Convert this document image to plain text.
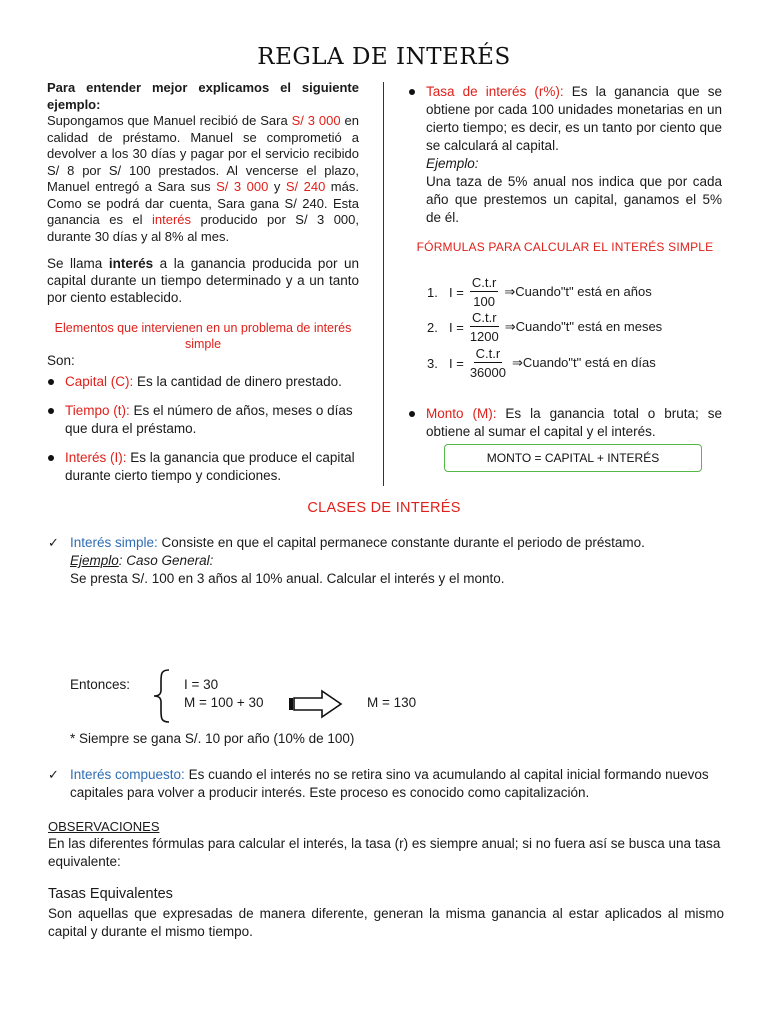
REGLA DE INTERÉS

Para entender mejor explicamos el siguiente ejemplo:
Supongamos que Manuel recibió de Sara S/ 3 000 en calidad de préstamo. Manuel se comprometió a devolver a los 30 días y pagar por el servicio recibido S/ 8 por S/ 100 prestados. Al vencerse el plazo, Manuel entregó a Sara sus S/ 3 000 y S/ 240 más. Como se podrá dar cuenta, Sara gana S/ 240. Esta ganancia es el interés producido por S/ 3 000, durante 30 días y al 8% al mes.

Se llama interés a la ganancia producida por un capital durante un tiempo determinado y a un tanto por ciento establecido.

Elementos que intervienen en un problema de interés simple
Son:
Capital (C): Es la cantidad de dinero prestado.
Tiempo (t): Es el número de años, meses o días que dura el préstamo.
Interés (I): Es la ganancia que produce el capital durante cierto tiempo y condiciones.

Tasa de interés (r%): Es la ganancia que se obtiene por cada 100 unidades monetarias en un cierto tiempo; es decir, es un tanto por ciento que se calculará al capital.

Ejemplo:

Una taza de 5% anual nos indica que por cada año que prestemos un capital, ganamos el 5% de él.

FÓRMULAS PARA CALCULAR EL INTERÉS SIMPLE
1. $I = \frac{C.t.r}{100}$ ⇒Cuando"t" está en años
2. $I = \frac{C.t.r}{1200}$ ⇒Cuando"t" está en meses
3. $I = \frac{C.t.r}{36000}$ ⇒Cuando"t" está en días

Monto (M): Es la ganancia total o bruta; se obtiene al sumar el capital y el interés.

MONTO = CAPITAL + INTERÉS
CLASES DE INTERÉS
✓ Interés simple: Consiste en que el capital permanece constante durante el periodo de préstamo.
Ejemplo: Caso General:
Se presta S/. 100 en 3 años al 10% anual. Calcular el interés y el monto.
Entonces:	I = 30
M = 100 + 30	M = 130
* Siempre se gana S/. 10 por año (10% de 100)
✓ Interés compuesto: Es cuando el interés no se retira sino va acumulando al capital inicial formando nuevos capitales para volver a producir interés. Este proceso es conocido como capitalización.
OBSERVACIONES
En las diferentes fórmulas para calcular el interés, la tasa (r) es siempre anual; si no fuera así se busca una tasa equivalente:
Tasas Equivalentes
Son aquellas que expresadas de manera diferente, generan la misma ganancia al estar aplicados al mismo capital y durante el mismo tiempo.
